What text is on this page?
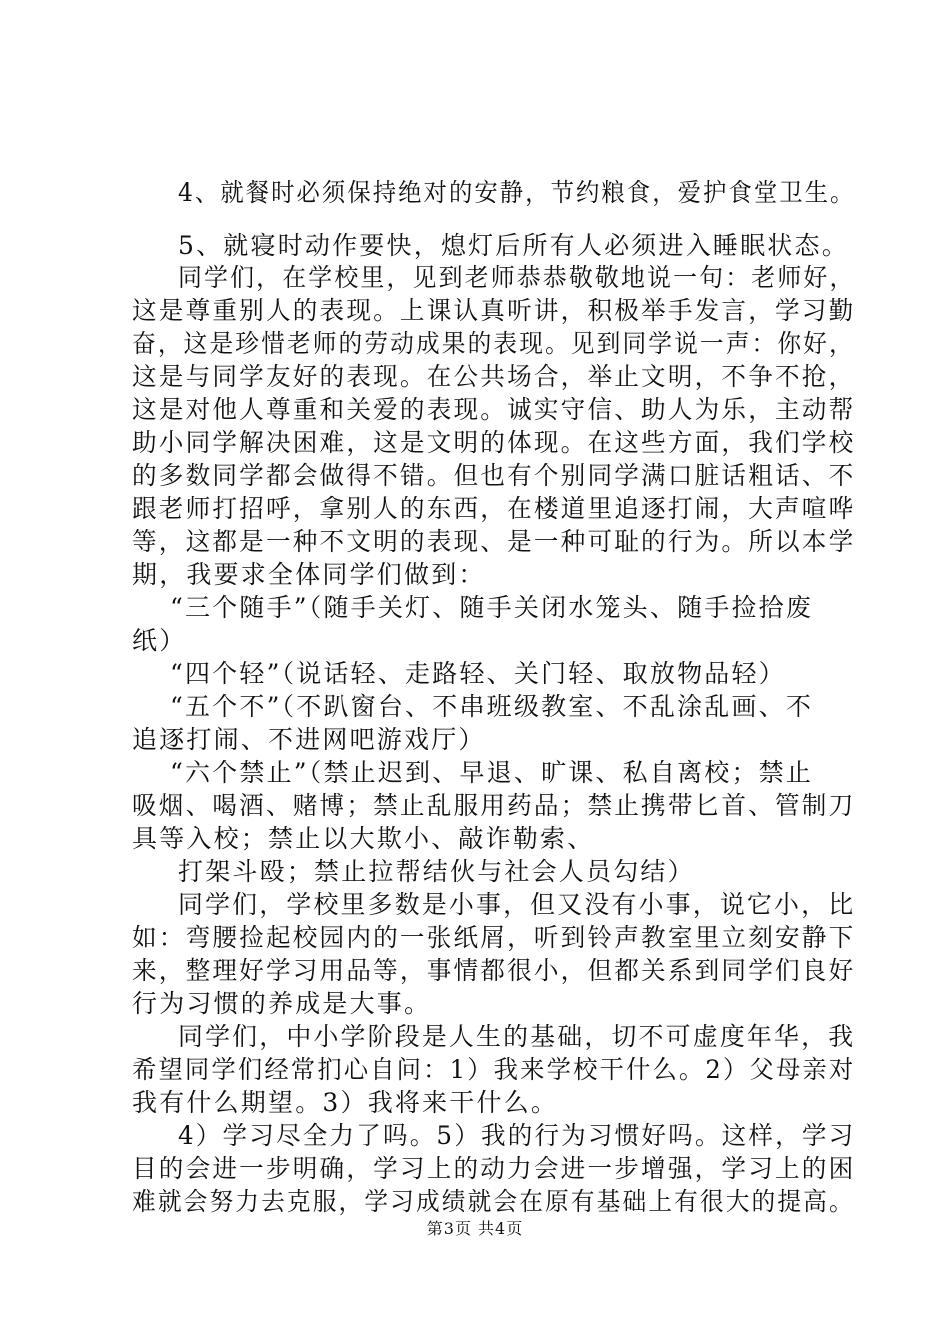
4、就餐时必须保持绝对的安静，节约粮食，爱护食堂卫生。
5、就寝时动作要快，熄灯后所有人必须进入睡眠状态。
同学们，在学校里，见到老师恭恭敬敬地说一句：老师好，
这是尊重别人的表现。上课认真听讲，积极举手发言，学习勤
奋，这是珍惜老师的劳动成果的表现。见到同学说一声：你好，
这是与同学友好的表现。在公共场合，举止文明，不争不抢，
这是对他人尊重和关爱的表现。诚实守信、助人为乐，主动帮
助小同学解决困难，这是文明的体现。在这些方面，我们学校
的多数同学都会做得不错。但也有个别同学满口脏话粗话、不
跟老师打招呼，拿别人的东西，在楼道里追逐打闹，大声喧哗
等，这都是一种不文明的表现、是一种可耻的行为。所以本学
期，我要求全体同学们做到：
“三个随手”（随手关灯、随手关闭水笼头、随手捡拾废
纸）
“四个轻”（说话轻、走路轻、关门轻、取放物品轻）
“五个不”（不趴窗台、不串班级教室、不乱涂乱画、不
追逐打闹、不进网吧游戏厅）
“六个禁止”（禁止迟到、早退、旷课、私自离校；禁止
吸烟、喝酒、赌博；禁止乱服用药品；禁止携带匕首、管制刀
具等入校；禁止以大欺小、敲诈勒索、
打架斗殴；禁止拉帮结伙与社会人员勾结）
同学们，学校里多数是小事，但又没有小事，说它小，比
如：弯腰捡起校园内的一张纸屑，听到铃声教室里立刻安静下
来，整理好学习用品等，事情都很小，但都关系到同学们良好
行为习惯的养成是大事。
同学们，中小学阶段是人生的基础，切不可虚度年华，我
希望同学们经常扪心自问：1）我来学校干什么。2）父母亲对
我有什么期望。3）我将来干什么。
4）学习尽全力了吗。5）我的行为习惯好吗。这样，学习
目的会进一步明确，学习上的动力会进一步增强，学习上的困
难就会努力去克服，学习成绩就会在原有基础上有很大的提高。
第3页 共4页
